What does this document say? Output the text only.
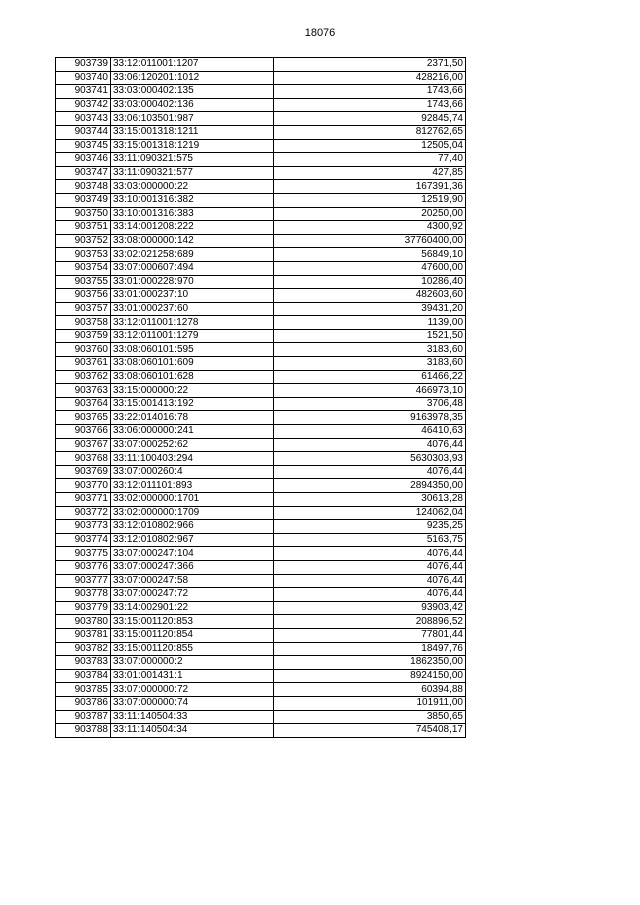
18076
903739	33:12:011001:1207	2371,50
903740	33:06:120201:1012	428216,00
903741	33:03:000402:135	1743,66
903742	33:03:000402:136	1743,66
903743	33:06:103501:987	92845,74
903744	33:15:001318:1211	812762,65
903745	33:15:001318:1219	12505,04
903746	33:11:090321:575	77,40
903747	33:11:090321:577	427,85
903748	33:03:000000:22	167391,36
903749	33:10:001316:382	12519,90
903750	33:10:001316:383	20250,00
903751	33:14:001208:222	4300,92
903752	33:08:000000:142	37760400,00
903753	33:02:021258:689	56849,10
903754	33:07:000607:494	47600,00
903755	33:01:000228:970	10286,40
903756	33:01:000237:10	482603,60
903757	33:01:000237:60	39431,20
903758	33:12:011001:1278	1139,00
903759	33:12:011001:1279	1521,50
903760	33:08:060101:595	3183,60
903761	33:08:060101:609	3183,60
903762	33:08:060101:628	61466,22
903763	33:15:000000:22	466973,10
903764	33:15:001413:192	3706,48
903765	33:22:014016:78	9163978,35
903766	33:06:000000:241	46410,63
903767	33:07:000252:62	4076,44
903768	33:11:100403:294	5630303,93
903769	33:07:000260:4	4076,44
903770	33:12:011101:893	2894350,00
903771	33:02:000000:1701	30613,28
903772	33:02:000000:1709	124062,04
903773	33:12:010802:966	9235,25
903774	33:12:010802:967	5163,75
903775	33:07:000247:104	4076,44
903776	33:07:000247:366	4076,44
903777	33:07:000247:58	4076,44
903778	33:07:000247:72	4076,44
903779	33:14:002901:22	93903,42
903780	33:15:001120:853	208896,52
903781	33:15:001120:854	77801,44
903782	33:15:001120:855	18497,76
903783	33:07:000000:2	1862350,00
903784	33:01:001431:1	8924150,00
903785	33:07:000000:72	60394,88
903786	33:07:000000:74	101911,00
903787	33:11:140504:33	3850,65
903788	33:11:140504:34	745408,17
